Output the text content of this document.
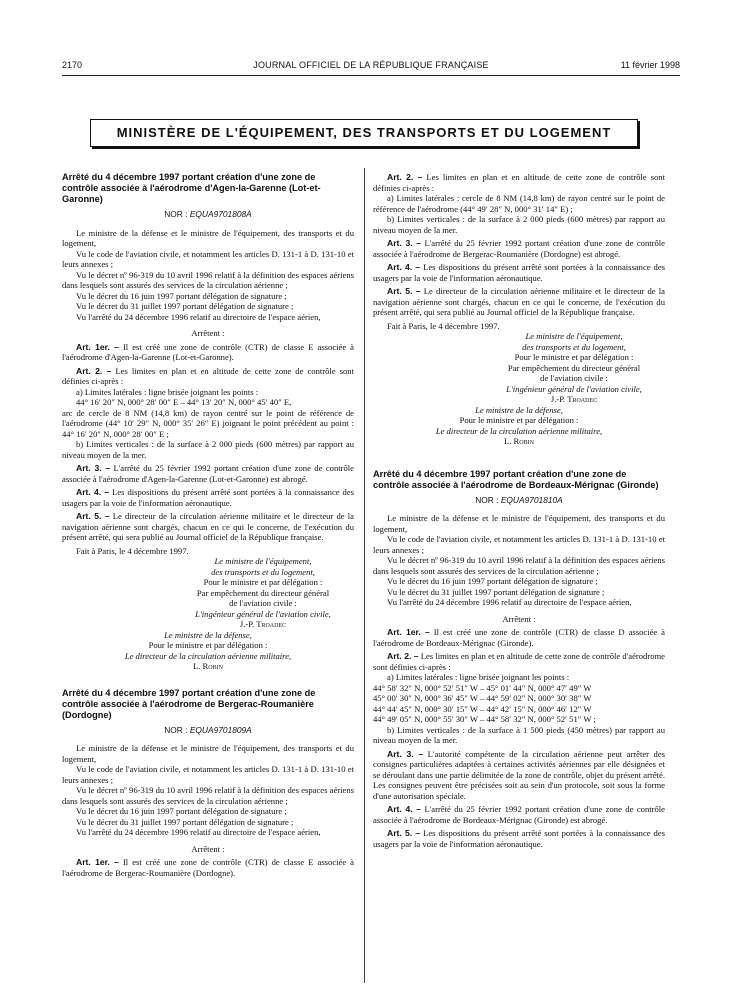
2170	JOURNAL OFFICIEL DE LA RÉPUBLIQUE FRANÇAISE	11 février 1998
MINISTÈRE DE L'ÉQUIPEMENT, DES TRANSPORTS ET DU LOGEMENT
Arrêté du 4 décembre 1997 portant création d'une zone de contrôle associée à l'aérodrome d'Agen-la-Garenne (Lot-et-Garonne)
NOR : EQUA9701808A

Le ministre de la défense et le ministre de l'équipement, des transports et du logement,

Vu le code de l'aviation civile, et notamment les articles D. 131-1 à D. 131-10 et leurs annexes ;

Vu le décret nº 96-319 du 10 avril 1996 relatif à la définition des espaces aériens dans lesquels sont assurés des services de la circulation aérienne ;

Vu le décret du 16 juin 1997 portant délégation de signature ;

Vu le décret du 31 juillet 1997 portant délégation de signature ;

Vu l'arrêté du 24 décembre 1996 relatif au directoire de l'espace aérien,

Arrêtent :

Art. 1er. – Il est créé une zone de contrôle (CTR) de classe E associée à l'aérodrome d'Agen-la-Garenne (Lot-et-Garonne).

Art. 2. – Les limites en plan et en altitude de cette zone de contrôle sont définies ci-après :

a) Limites latérales : ligne brisée joignant les points :

44° 16′ 20″ N, 000° 28′ 00″ E – 44° 13′ 20″ N, 000° 45′ 40″ E,

arc de cercle de 8 NM (14,8 km) de rayon centré sur le point de référence de l'aérodrome (44° 10′ 29″ N, 000° 35′ 26″ E) joignant le point précédent au point : 44° 16′ 20″ N, 000° 28′ 00″ E ;

b) Limites verticales : de la surface à 2 000 pieds (600 mètres) par rapport au niveau moyen de la mer.

Art. 3. – L'arrêté du 25 février 1992 portant création d'une zone de contrôle associée à l'aérodrome d'Agen-la-Garenne (Lot-et-Garonne) est abrogé.

Art. 4. – Les dispositions du présent arrêté sont portées à la connaissance des usagers par la voie de l'information aéronautique.

Art. 5. – Le directeur de la circulation aérienne militaire et le directeur de la navigation aérienne sont chargés, chacun en ce qui le concerne, de l'exécution du présent arrêté, qui sera publié au Journal officiel de la République française.

Fait à Paris, le 4 décembre 1997.

Le ministre de l'équipement,

des transports et du logement,

Pour le ministre et par délégation :

Par empêchement du directeur général

de l'aviation civile :

L'ingénieur général de l'aviation civile,

J.-P. Troadec

Le ministre de la défense,

Pour le ministre et par délégation :

Le directeur de la circulation aérienne militaire,

L. Robin

Arrêté du 4 décembre 1997 portant création d'une zone de contrôle associée à l'aérodrome de Bergerac-Roumanière (Dordogne)
NOR : EQUA9701809A

Le ministre de la défense et le ministre de l'équipement, des transports et du logement,

Vu le code de l'aviation civile, et notamment les articles D. 131-1 à D. 131-10 et leurs annexes ;

Vu le décret nº 96-319 du 10 avril 1996 relatif à la définition des espaces aériens dans lesquels sont assurés des services de la circulation aérienne ;

Vu le décret du 16 juin 1997 portant délégation de signature ;

Vu le décret du 31 juillet 1997 portant délégation de signature ;

Vu l'arrêté du 24 décembre 1996 relatif au directoire de l'espace aérien,

Arrêtent :

Art. 1er. – Il est créé une zone de contrôle (CTR) de classe E associée à l'aérodrome de Bergerac-Roumanière (Dordogne).

Art. 2. – Les limites en plan et en altitude de cette zone de contrôle sont définies ci-après :

a) Limites latérales : cercle de 8 NM (14,8 km) de rayon centré sur le point de référence de l'aérodrome (44° 49′ 28″ N, 000° 31′ 14″ E) ;

b) Limites verticales : de la surface à 2 000 pieds (600 mètres) par rapport au niveau moyen de la mer.

Art. 3. – L'arrêté du 25 février 1992 portant création d'une zone de contrôle associée à l'aérodrome de Bergerac-Roumanière (Dordogne) est abrogé.

Art. 4. – Les dispositions du présent arrêté sont portées à la connaissance des usagers par la voie de l'information aéronautique.

Art. 5. – Le directeur de la circulation aérienne militaire et le directeur de la navigation aérienne sont chargés, chacun en ce qui le concerne, de l'exécution du présent arrêté, qui sera publié au Journal officiel de la République française.

Fait à Paris, le 4 décembre 1997.

Le ministre de l'équipement,

des transports et du logement,

Pour le ministre et par délégation :

Par empêchement du directeur général

de l'aviation civile :

L'ingénieur général de l'aviation civile,

J.-P. Troadec

Le ministre de la défense,

Pour le ministre et par délégation :

Le directeur de la circulation aérienne militaire,

L. Robin

Arrêté du 4 décembre 1997 portant création d'une zone de contrôle associée à l'aérodrome de Bordeaux-Mérignac (Gironde)
NOR : EQUA9701810A

Le ministre de la défense et le ministre de l'équipement, des transports et du logement,

Vu le code de l'aviation civile, et notamment les articles D. 131-1 à D. 131-10 et leurs annexes ;

Vu le décret nº 96-319 du 10 avril 1996 relatif à la définition des espaces aériens dans lesquels sont assurés des services de la circulation aérienne ;

Vu le décret du 16 juin 1997 portant délégation de signature ;

Vu le décret du 31 juillet 1997 portant délégation de signature ;

Vu l'arrêté du 24 décembre 1996 relatif au directoire de l'espace aérien,

Arrêtent :

Art. 1er. – Il est créé une zone de contrôle (CTR) de classe D associée à l'aérodrome de Bordeaux-Mérignac (Gironde).

Art. 2. – Les limites en plan et en altitude de cette zone de contrôle d'aérodrome sont définies ci-après :

a) Limites latérales : ligne brisée joignant les points :

44° 58′ 32″ N, 000° 52′ 51″ W – 45° 01′ 44″ N, 000° 47′ 49″ W

45° 00′ 30″ N, 000° 36′ 45″ W – 44° 59′ 02″ N, 000° 30′ 38″ W

44° 44′ 45″ N, 000° 30′ 15″ W – 44° 42′ 15″ N, 000° 46′ 12″ W

44° 49′ 05″ N, 000° 55′ 30″ W – 44° 58′ 32″ N, 000° 52′ 51″ W ;

b) Limites verticales : de la surface à 1 500 pieds (450 mètres) par rapport au niveau moyen de la mer.

Art. 3. – L'autorité compétente de la circulation aérienne peut arrêter des consignes particulières adaptées à certaines activités aériennes par elle désignées et se déroulant dans une partie délimitée de la zone de contrôle, objet du présent arrêté. Les consignes peuvent être précisées soit au sein d'un protocole, soit sous la forme d'une autorisation spéciale.

Art. 4. – L'arrêté du 25 février 1992 portant création d'une zone de contrôle associée à l'aérodrome de Bordeaux-Mérignac (Gironde) est abrogé.

Art. 5. – Les dispositions du présent arrêté sont portées à la connaissance des usagers par la voie de l'information aéronautique.
